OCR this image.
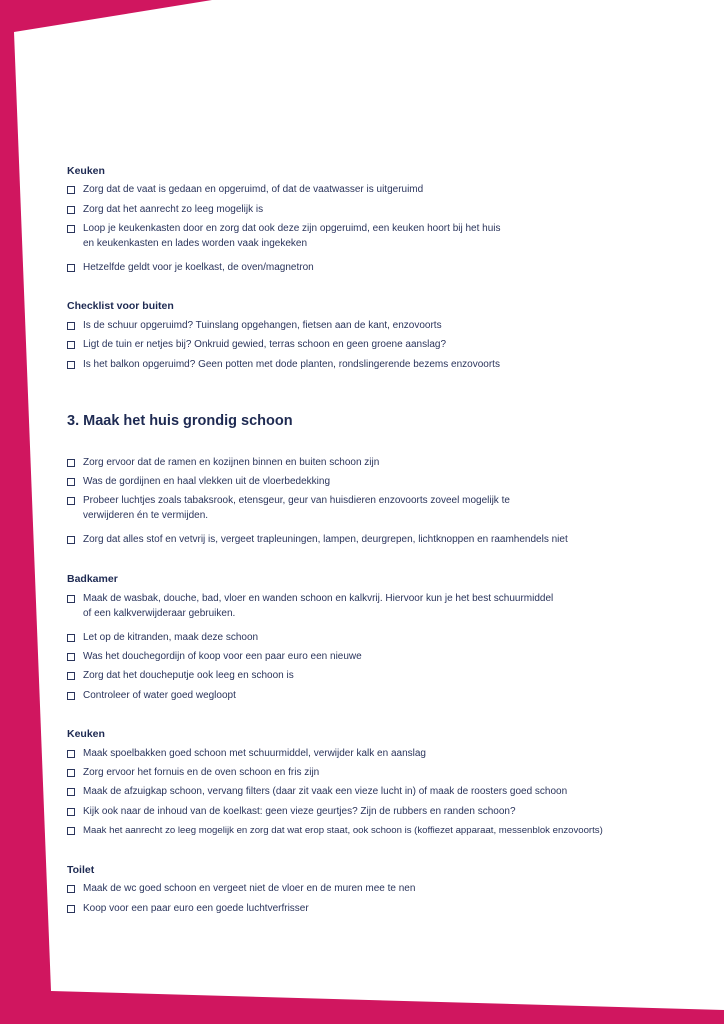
Keuken
Zorg dat de vaat is gedaan en opgeruimd, of dat de vaatwasser is uitgeruimd
Zorg dat het aanrecht zo leeg mogelijk is
Loop je keukenkasten door en zorg dat ook deze zijn opgeruimd, een keuken hoort bij het huis
en keukenkasten en lades worden vaak ingekeken
Hetzelfde geldt voor je koelkast, de oven/magnetron
Checklist voor buiten
Is de schuur opgeruimd? Tuinslang opgehangen, fietsen aan de kant, enzovoorts
Ligt de tuin er netjes bij? Onkruid gewied, terras schoon en geen groene aanslag?
Is het balkon opgeruimd? Geen potten met dode planten, rondslingerende bezems enzovoorts
3. Maak het huis grondig schoon
Zorg ervoor dat de ramen en kozijnen binnen en buiten schoon zijn
Was de gordijnen en haal vlekken uit de vloerbedekking
Probeer luchtjes zoals tabaksrook, etensgeur, geur van huisdieren enzovoorts zoveel mogelijk te
verwijderen én te vermijden.
Zorg dat alles stof en vetvrij is, vergeet trapleuningen, lampen, deurgrepen, lichtknoppen en raamhendels niet
Badkamer
Maak de wasbak, douche, bad, vloer en wanden schoon en kalkvrij. Hiervoor kun je het best schuurmiddel
of een kalkverwijderaar gebruiken.
Let op de kitranden, maak deze schoon
Was het douchegordijn of koop voor een paar euro een nieuwe
Zorg dat het doucheputje ook leeg en schoon is
Controleer of water goed wegloopt
Keuken
Maak spoelbakken goed schoon met schuurmiddel, verwijder kalk en aanslag
Zorg ervoor het fornuis en de oven schoon en fris zijn
Maak de afzuigkap schoon, vervang filters (daar zit vaak een vieze lucht in) of maak de roosters goed schoon
Kijk ook naar de inhoud van de koelkast: geen vieze geurtjes? Zijn de rubbers en randen schoon?
Maak het aanrecht zo leeg mogelijk en zorg dat wat erop staat, ook schoon is (koffiezet apparaat, messenblok enzovoorts)
Toilet
Maak de wc goed schoon en vergeet niet de vloer en de muren mee te nen
Koop voor een paar euro een goede luchtverfrisser
